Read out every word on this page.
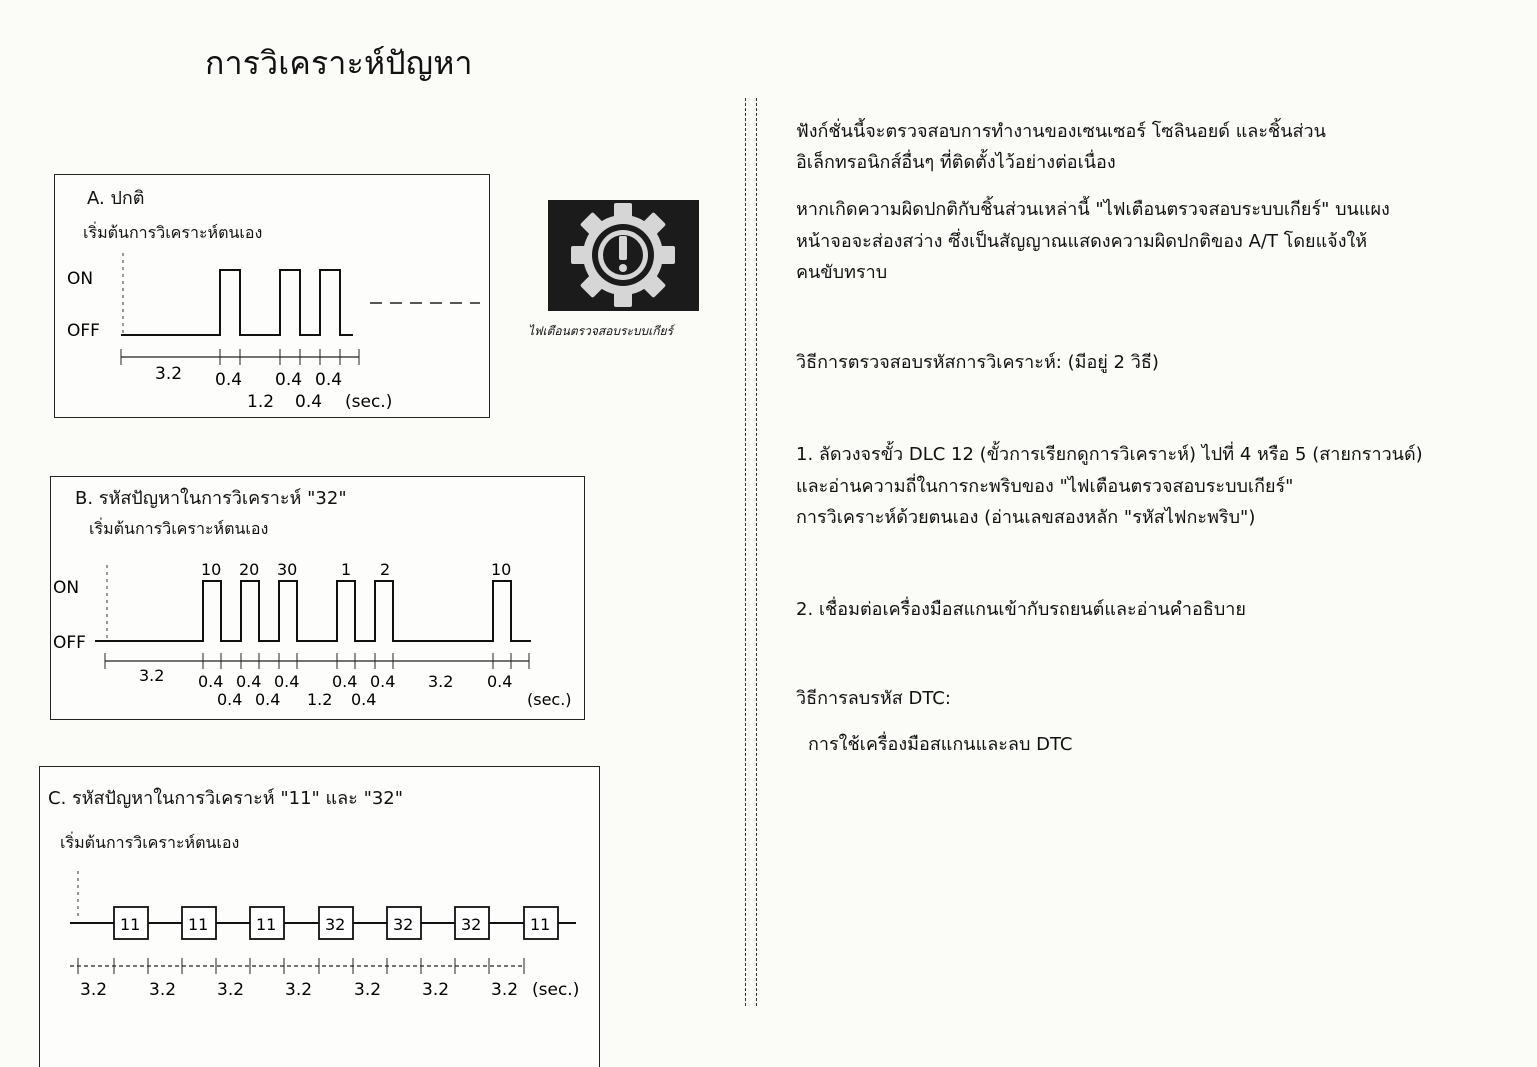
การวิเคราะห์ปัญหา
A. ปกติ
เริ่มต้นการวิเคราะห์ตนเอง
ON
OFF
3.2 0.4 0.4 0.4
1.2 0.4 (sec.)
ไฟเตือนตรวจสอบระบบเกียร์
B. รหัสปัญหาในการวิเคราะห์ "32"
เริ่มต้นการวิเคราะห์ตนเอง
ON
OFF
10 20 30	1 2	10
3.2 0.4 0.4 0.4 0.4 0.4 3.2 0.4
0.4 0.4 1.2 0.4	(sec.)
C. รหัสปัญหาในการวิเคราะห์ "11" และ "32"
เริ่มต้นการวิเคราะห์ตนเอง
11	11	11	32	32	32	11
3.2 3.2 3.2 3.2 3.2 3.2 3.2 (sec.)
ฟังก์ชั่นนี้จะตรวจสอบการทำงานของเซนเซอร์ โซลินอยด์ และชิ้นส่วน
อิเล็กทรอนิกส์อื่นๆ ที่ติดตั้งไว้อย่างต่อเนื่อง
หากเกิดความผิดปกติกับชิ้นส่วนเหล่านี้ "ไฟเตือนตรวจสอบระบบเกียร์" บนแผง
หน้าจอจะส่องสว่าง ซึ่งเป็นสัญญาณแสดงความผิดปกติของ A/T โดยแจ้งให้
คนขับทราบ
วิธีการตรวจสอบรหัสการวิเคราะห์: (มีอยู่ 2 วิธี)
1. ลัดวงจรขั้ว DLC 12 (ขั้วการเรียกดูการวิเคราะห์) ไปที่ 4 หรือ 5 (สายกราวนด์)
และอ่านความถี่ในการกะพริบของ "ไฟเตือนตรวจสอบระบบเกียร์"
การวิเคราะห์ด้วยตนเอง (อ่านเลขสองหลัก "รหัสไฟกะพริบ")
2. เชื่อมต่อเครื่องมือสแกนเข้ากับรถยนต์และอ่านคำอธิบาย
วิธีการลบรหัส DTC:
การใช้เครื่องมือสแกนและลบ DTC
